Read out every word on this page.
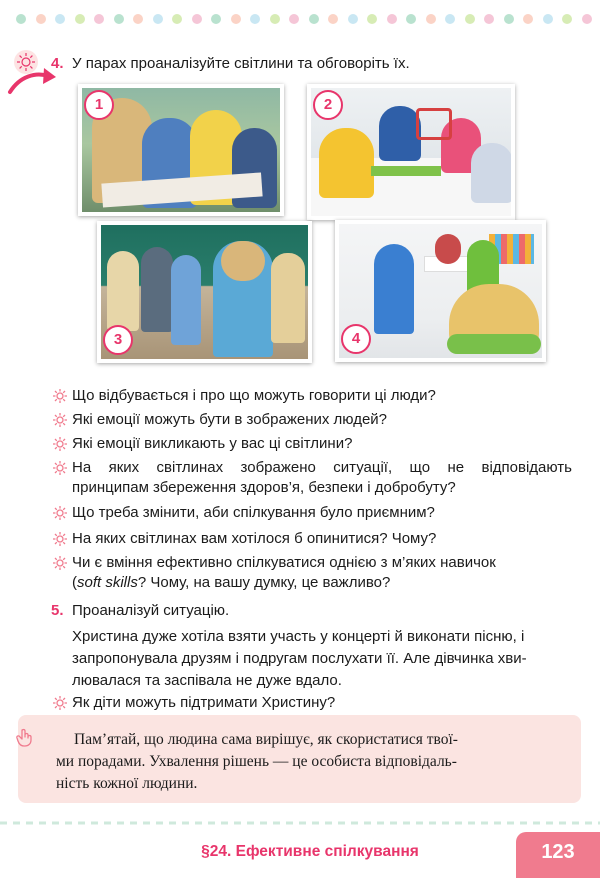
4. У парах проаналізуйте світлини та обговоріть їх.
1	2
3	4
Що відбувається і про що можуть говорити ці люди?
Які емоції можуть бути в зображених людей?
Які емоції викликають у вас ці світлини?
На яких світлинах зображено ситуації, що не відповідають
принципам збереження здоров’я, безпеки і добробуту?
Що треба змінити, аби спілкування було приємним?
На яких світлинах вам хотілося б опинитися? Чому?
Чи є вміння ефективно спілкуватися однією з м’яких навичок
(soft skills? Чому, на вашу думку, це важливо?
5. Проаналізуй ситуацію.
Христина дуже хотіла взяти участь у концерті й виконати пісню, і
запропонувала друзям і подругам послухати її. Але дівчинка хви-
лювалася та заспівала не дуже вдало.
Як діти можуть підтримати Христину?
Пам’ятай, що людина сама вирішує, як скористатися твої-
ми порадами. Ухвалення рішень — це особиста відповідаль-
ність кожної людини.
§24. Ефективне спілкування	123
